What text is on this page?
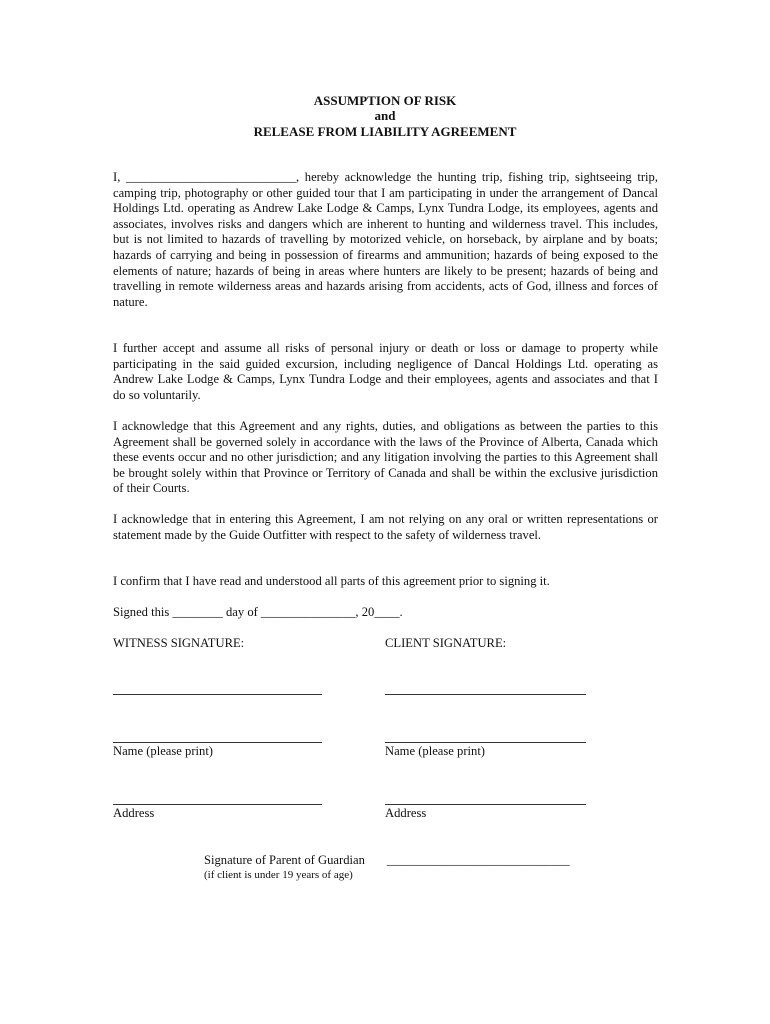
ASSUMPTION OF RISK
and
RELEASE FROM LIABILITY AGREEMENT

I, ___________________________, hereby acknowledge the hunting trip, fishing trip, sightseeing trip, camping trip, photography or other guided tour that I am participating in under the arrangement of Dancal Holdings Ltd. operating as Andrew Lake Lodge & Camps, Lynx Tundra Lodge, its employees, agents and associates, involves risks and dangers which are inherent to hunting and wilderness travel. This includes, but is not limited to hazards of travelling by motorized vehicle, on horseback, by airplane and by boats; hazards of carrying and being in possession of firearms and ammunition; hazards of being exposed to the elements of nature; hazards of being in areas where hunters are likely to be present; hazards of being and travelling in remote wilderness areas and hazards arising from accidents, acts of God, illness and forces of nature.

I further accept and assume all risks of personal injury or death or loss or damage to property while participating in the said guided excursion, including negligence of Dancal Holdings Ltd. operating as Andrew Lake Lodge & Camps, Lynx Tundra Lodge and their employees, agents and associates and that I do so voluntarily.

I acknowledge that this Agreement and any rights, duties, and obligations as between the parties to this Agreement shall be governed solely in accordance with the laws of the Province of Alberta, Canada which these events occur and no other jurisdiction; and any litigation involving the parties to this Agreement shall be brought solely within that Province or Territory of Canada and shall be within the exclusive jurisdiction of their Courts.

I acknowledge that in entering this Agreement, I am not relying on any oral or written representations or statement made by the Guide Outfitter with respect to the safety of wilderness travel.

I confirm that I have read and understood all parts of this agreement prior to signing it.

Signed this ________ day of _______________, 20____.
WITNESS SIGNATURE:	CLIENT SIGNATURE:
Name (please print)	Name (please print)
Address	Address
Signature of Parent of Guardian _____________________________
(if client is under 19 years of age)
